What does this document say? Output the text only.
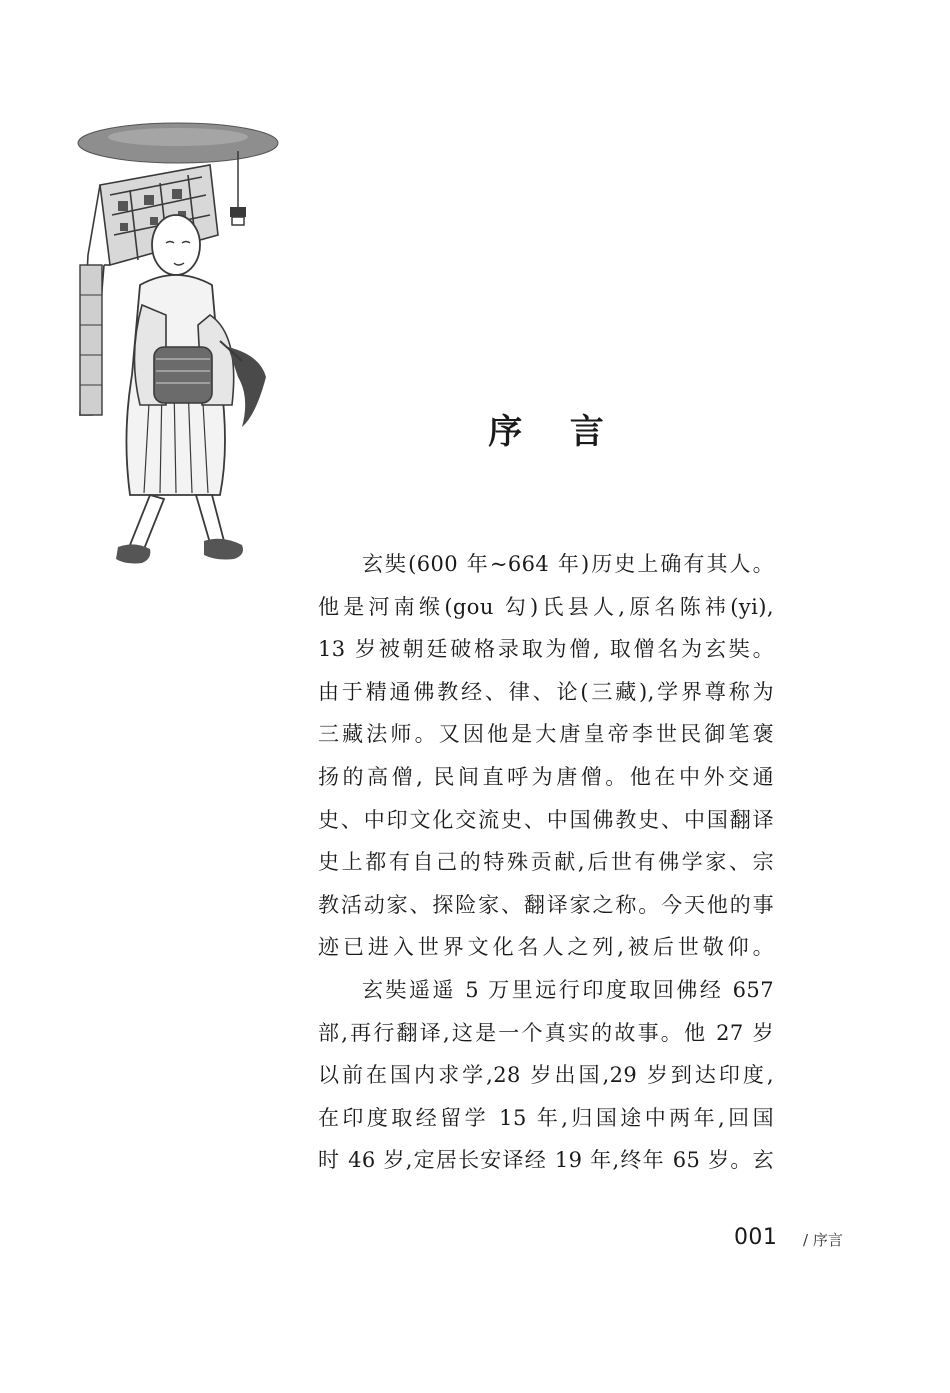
序言
玄奘(600 年~664 年)历史上确有其人。
他是河南缑(gou 勾)氏县人,原名陈祎(yi),
13 岁被朝廷破格录取为僧, 取僧名为玄奘。
由于精通佛教经、律、论(三藏),学界尊称为
三藏法师。又因他是大唐皇帝李世民御笔褒
扬的高僧, 民间直呼为唐僧。他在中外交通
史、中印文化交流史、中国佛教史、中国翻译
史上都有自己的特殊贡献,后世有佛学家、宗
教活动家、探险家、翻译家之称。今天他的事
迹已进入世界文化名人之列,被后世敬仰。
玄奘遥遥 5 万里远行印度取回佛经 657
部,再行翻译,这是一个真实的故事。他 27 岁
以前在国内求学,28 岁出国,29 岁到达印度,
在印度取经留学 15 年,归国途中两年,回国
时 46 岁,定居长安译经 19 年,终年 65 岁。玄
001 / 序言
